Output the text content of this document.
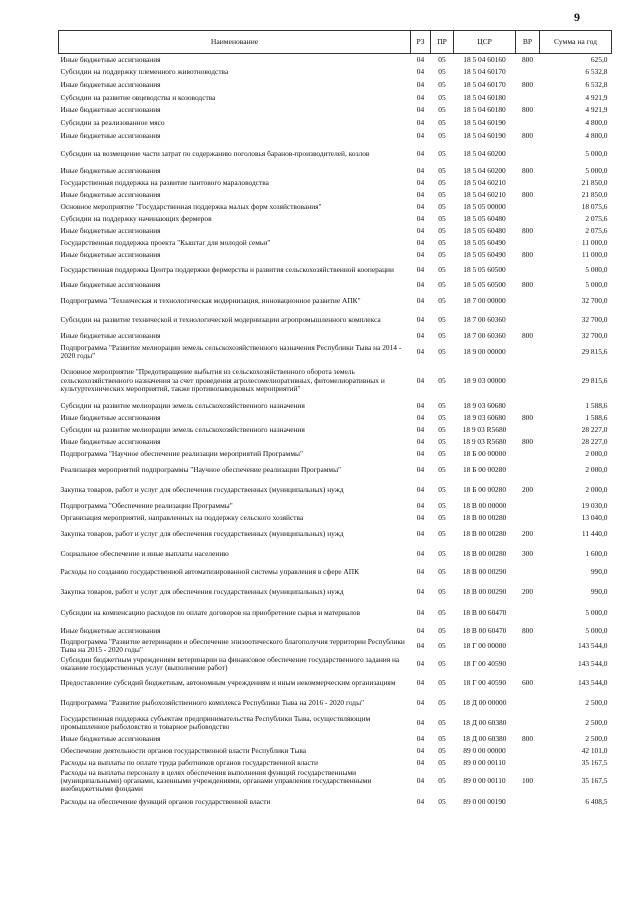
9
Наименование	РЗ	ПР	ЦСР	ВР	Сумма на год
Иные бюджетные ассигнования	04	05	18 5 04 60160	800	625,0
Субсидии на поддержку племенного животноводства	04	05	18 5 04 60170		6 532,8
Иные бюджетные ассигнования	04	05	18 5 04 60170	800	6 532,8
Субсидии на развитие овцеводства и козоводства	04	05	18 5 04 60180		4 921,9
Иные бюджетные ассигнования	04	05	18 5 04 60180	800	4 921,9
Субсидии за реализованное мясо	04	05	18 5 04 60190		4 800,0
Иные бюджетные ассигнования	04	05	18 5 04 60190	800	4 800,0
Субсидии на возмещение части затрат по содержанию поголовья баранов-производителей, козлов	04	05	18 5 04 60200		5 000,0
Иные бюджетные ассигнования	04	05	18 5 04 60200	800	5 000,0
Государственная поддержка на развитие пантового мараловодства	04	05	18 5 04 60210		21 850,0
Иные бюджетные ассигнования	04	05	18 5 04 60210	800	21 850,0
Основное мероприятие "Государственная поддержка малых форм хозяйствования"	04	05	18 5 05 00000		18 075,6
Субсидии на поддержку начинающих фермеров	04	05	18 5 05 60480		2 075,6
Иные бюджетные ассигнования	04	05	18 5 05 60480	800	2 075,6
Государственная поддержка проекта "Кыштаг для молодой семьи"	04	05	18 5 05 60490		11 000,0
Иные бюджетные ассигнования	04	05	18 5 05 60490	800	11 000,0
Государственная поддержка Центра поддержки фермерства и развития сельскохозяйственной кооперации	04	05	18 5 05 60500		5 000,0
Иные бюджетные ассигнования	04	05	18 5 05 60500	800	5 000,0
Подпрограмма "Техническая и технологическая модернизация, инновационное развитие АПК"	04	05	18 7 00 00000		32 700,0
Субсидии на развитие технической и технологической модернизации агропромышленного комплекса	04	05	18 7 00 60360		32 700,0
Иные бюджетные ассигнования	04	05	18 7 00 60360	800	32 700,0
Подпрограмма "Развитие мелиорации земель сельскохозяйственного назначения Республики Тыва на 2014 - 2020 годы"	04	05	18 9 00 00000		29 815,6
Основное мероприятие "Предотвращение выбытия из сельскохозяйственного оборота земель сельскохозяйственного назначения за счет проведения агролесомелиоративных, фитомелиоративных и культуртехнических мероприятий, также противопаводковых мероприятий"	04	05	18 9 03 00000		29 815,6
Субсидии на развитие мелиорации земель сельскохозяйственного назначения	04	05	18 9 03 60680		1 588,6
Иные бюджетные ассигнования	04	05	18 9 03 60680	800	1 588,6
Субсидии на развитие мелиорации земель сельскохозяйственного назначения	04	05	18 9 03 R5680		28 227,0
Иные бюджетные ассигнования	04	05	18 9 03 R5680	800	28 227,0
Подпрограмма "Научное обеспечение реализации мероприятий Программы"	04	05	18 Б 00 00000		2 000,0
Реализация мероприятий подпрограммы "Научное обеспечение реализации Программы"	04	05	18 Б 00 00280		2 000,0
Закупка товаров, работ и услуг для обеспечения государственных (муниципальных) нужд	04	05	18 Б 00 00280	200	2 000,0
Подпрограмма "Обеспечение реализации Программы"	04	05	18 В 00 00000		19 030,0
Организация мероприятий, направленных на поддержку сельского хозяйства	04	05	18 В 00 00280		13 040,0
Закупка товаров, работ и услуг для обеспечения государственных (муниципальных) нужд	04	05	18 В 00 00280	200	11 440,0
Социальное обеспечение и иные выплаты населению	04	05	18 В 00 00280	300	1 600,0
Расходы по созданию государственной автоматизированной системы управления в сфере АПК	04	05	18 В 00 00290		990,0
Закупка товаров, работ и услуг для обеспечения государственных (муниципальных) нужд	04	05	18 В 00 00290	200	990,0
Субсидии на компенсацию расходов по оплате договоров на приобретение сырья и материалов	04	05	18 В 00 60470		5 000,0
Иные бюджетные ассигнования	04	05	18 В 00 60470	800	5 000,0
Подпрограмма "Развитие ветеринарии и обеспечение эпизоотического благополучия территории Республики Тыва на 2015 - 2020 годы"	04	05	18 Г 00 00000		143 544,0
Субсидии бюджетным учреждениям ветеринарии на финансовое обеспечение государственного задания на оказание государственных услуг (выполнение работ)	04	05	18 Г 00 40590		143 544,0
Предоставление субсидий бюджетным, автономным учреждениям и иным некоммерческим организациям	04	05	18 Г 00 40590	600	143 544,0
Подпрограмма "Развитие рыбохозяйственного комплекса Республики Тыва на 2016 - 2020 годы"	04	05	18 Д 00 00000		2 500,0
Государственная поддержка субъектам предпринимательства Республики Тыва, осуществляющим промышленное рыболовство и товарное рыбоводство	04	05	18 Д 00 60380		2 500,0
Иные бюджетные ассигнования	04	05	18 Д 00 60380	800	2 500,0
Обеспечение деятельности органов государственной власти Республики Тыва	04	05	89 0 00 00000		42 101,0
Расходы на выплаты по оплате труда работников органов государственной власти	04	05	89 0 00 00110		35 167,5
Расходы на выплаты персоналу в целях обеспечения выполнения функций государственными (муниципальными) органами, казенными учреждениями, органами управления государственными внебюджетными фондами	04	05	89 0 00 00110	100	35 167,5
Расходы на обеспечение функций органов государственной власти	04	05	89 0 00 00190		6 408,5
